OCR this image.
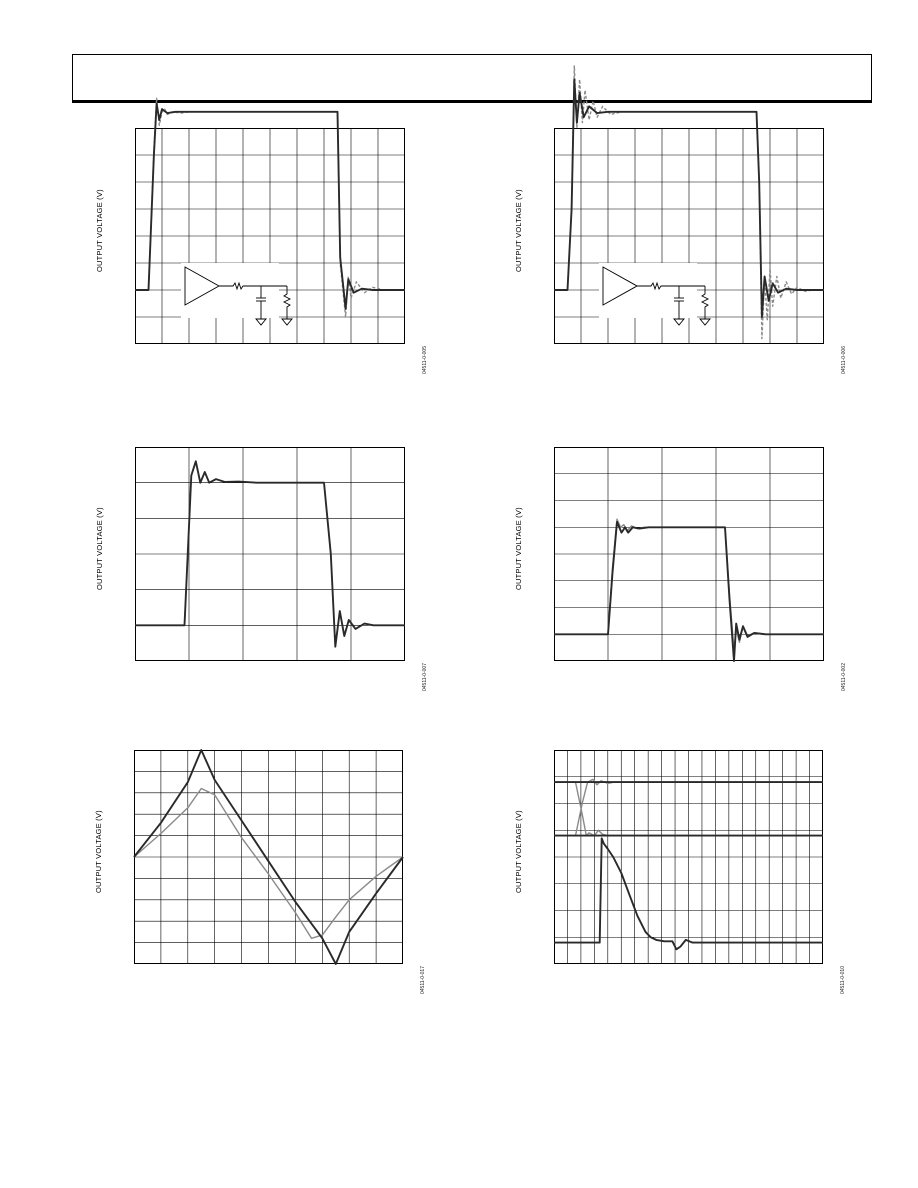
OUTPUT VOLTAGE (V)
04511-0-005
OUTPUT VOLTAGE (V)
04511-0-006
OUTPUT VOLTAGE (V)
04511-0-007
OUTPUT VOLTAGE (V)
04511-0-002
OUTPUT VOLTAGE (V)
04511-0-017
OUTPUT VOLTAGE (V)
04511-0-010
